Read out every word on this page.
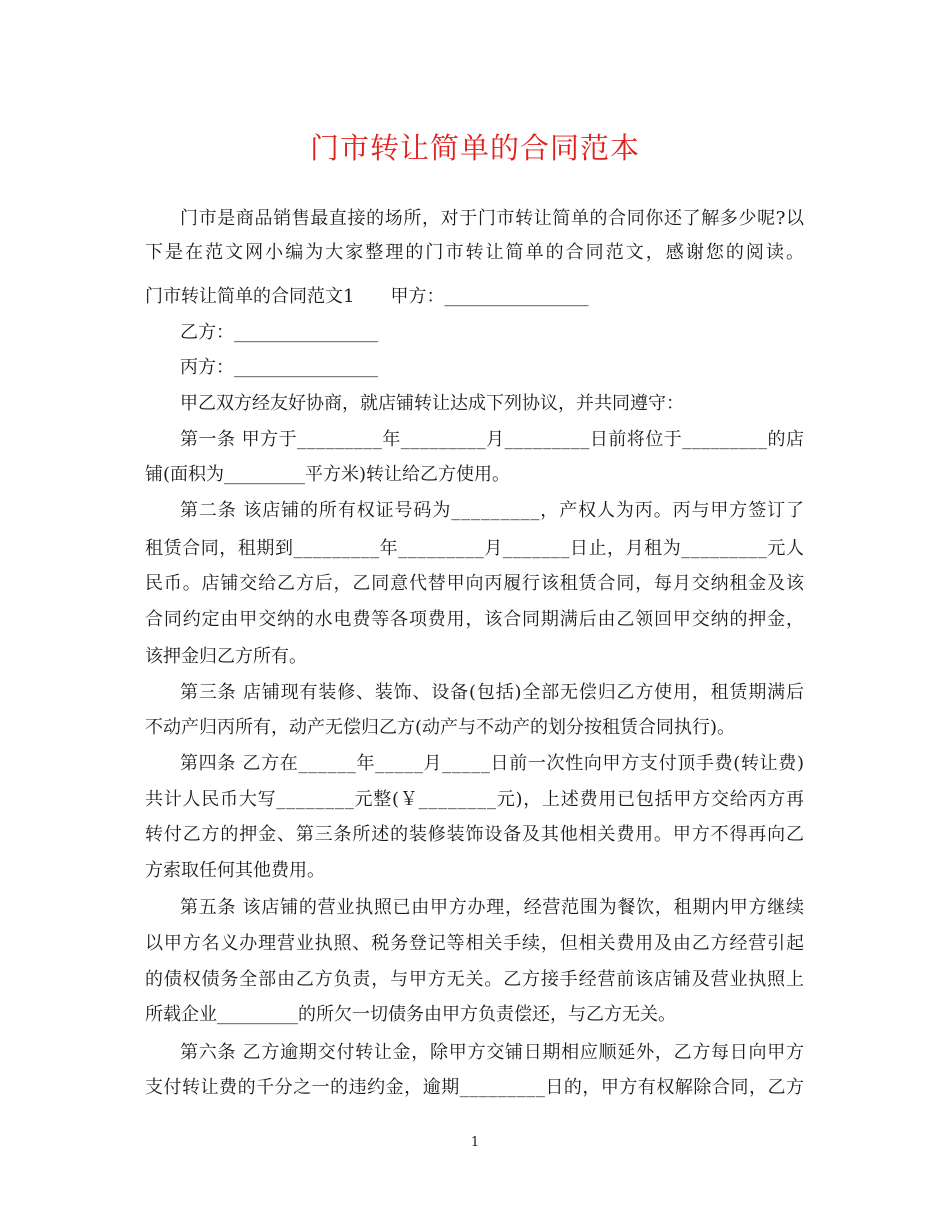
门市转让简单的合同范本
门市是商品销售最直接的场所，对于门市转让简单的合同你还了解多少呢?以
下是在范文网小编为大家整理的门市转让简单的合同范文，感谢您的阅读。
门市转让简单的合同范文1　　甲方：________________
乙方：________________
丙方：________________
甲乙双方经友好协商，就店铺转让达成下列协议，并共同遵守：
第一条 甲方于_________年_________月_________日前将位于_________的店
铺(面积为_________平方米)转让给乙方使用。
第二条 该店铺的所有权证号码为_________，产权人为丙。丙与甲方签订了
租赁合同，租期到_________年_________月_______日止，月租为_________元人
民币。店铺交给乙方后，乙同意代替甲向丙履行该租赁合同，每月交纳租金及该
合同约定由甲交纳的水电费等各项费用，该合同期满后由乙领回甲交纳的押金，
该押金归乙方所有。
第三条 店铺现有装修、装饰、设备(包括)全部无偿归乙方使用，租赁期满后
不动产归丙所有，动产无偿归乙方(动产与不动产的划分按租赁合同执行)。
第四条 乙方在______年_____月_____日前一次性向甲方支付顶手费(转让费)
共计人民币大写________元整(￥________元)，上述费用已包括甲方交给丙方再
转付乙方的押金、第三条所述的装修装饰设备及其他相关费用。甲方不得再向乙
方索取任何其他费用。
第五条 该店铺的营业执照已由甲方办理，经营范围为餐饮，租期内甲方继续
以甲方名义办理营业执照、税务登记等相关手续，但相关费用及由乙方经营引起
的债权债务全部由乙方负责，与甲方无关。乙方接手经营前该店铺及营业执照上
所载企业_________的所欠一切债务由甲方负责偿还，与乙方无关。
第六条 乙方逾期交付转让金，除甲方交铺日期相应顺延外，乙方每日向甲方
支付转让费的千分之一的违约金，逾期_________日的，甲方有权解除合同，乙方
1
